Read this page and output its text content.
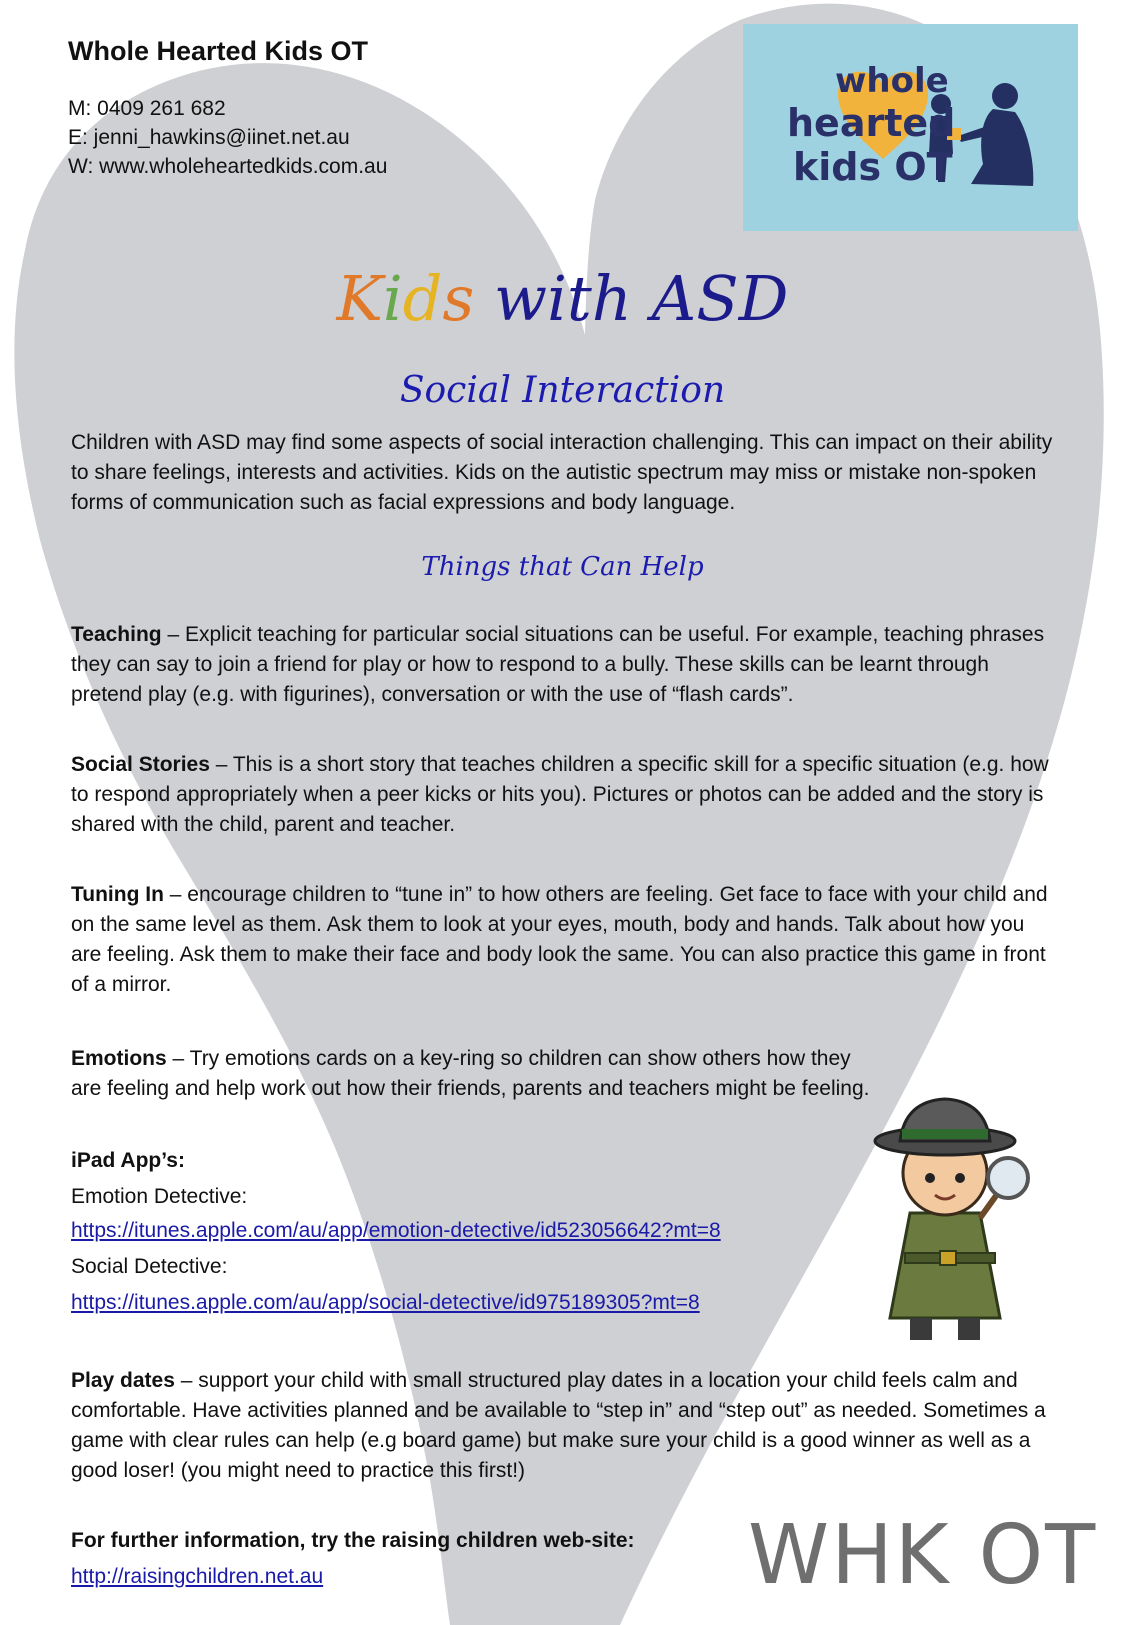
Whole Hearted Kids OT
M: 0409 261 682
E: jenni_hawkins@iinet.net.au
W: www.wholeheartedkids.com.au
whole
hearted
kids OT
Kids with ASD
Social Interaction
Children with ASD may find some aspects of social interaction challenging. This can impact on their ability to share feelings, interests and activities. Kids on the autistic spectrum may miss or mistake non-spoken forms of communication such as facial expressions and body language.
Things that Can Help
Teaching – Explicit teaching for particular social situations can be useful. For example, teaching phrases they can say to join a friend for play or how to respond to a bully. These skills can be learnt through pretend play (e.g. with figurines), conversation or with the use of “flash cards”.
Social Stories – This is a short story that teaches children a specific skill for a specific situation (e.g. how to respond appropriately when a peer kicks or hits you). Pictures or photos can be added and the story is shared with the child, parent and teacher.
Tuning In – encourage children to “tune in” to how others are feeling. Get face to face with your child and on the same level as them. Ask them to look at your eyes, mouth, body and hands. Talk about how you are feeling. Ask them to make their face and body look the same. You can also practice this game in front of a mirror.
Emotions – Try emotions cards on a key-ring so children can show others how they are feeling and help work out how their friends, parents and teachers might be feeling.
iPad App’s:
Emotion Detective:
https://itunes.apple.com/au/app/emotion-detective/id523056642?mt=8
Social Detective:
https://itunes.apple.com/au/app/social-detective/id975189305?mt=8
Play dates – support your child with small structured play dates in a location your child feels calm and comfortable. Have activities planned and be available to “step in” and “step out” as needed. Sometimes a game with clear rules can help (e.g board game) but make sure your child is a good winner as well as a good loser! (you might need to practice this first!)
For further information, try the raising children web-site:
http://raisingchildren.net.au	WHK OT
